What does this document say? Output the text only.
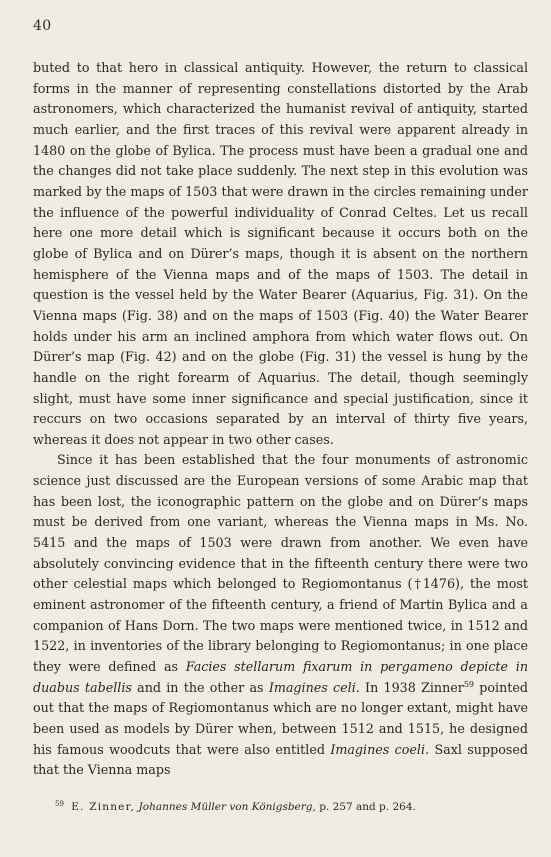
40

buted to that hero in classical antiquity. However, the return to classical forms in the manner of representing constellations distorted by the Arab astronomers, which characterized the humanist revival of antiquity, started much earlier, and the first traces of this revival were apparent already in 1480 on the globe of Bylica. The process must have been a gradual one and the changes did not take place suddenly. The next step in this evolution was marked by the maps of 1503 that were drawn in the circles remaining under the influence of the powerful individuality of Conrad Celtes. Let us recall here one more detail which is significant because it occurs both on the globe of Bylica and on Dürer’s maps, though it is absent on the northern hemisphere of the Vienna maps and of the maps of 1503. The detail in question is the vessel held by the Water Bearer (Aquarius, Fig. 31). On the Vienna maps (Fig. 38) and on the maps of 1503 (Fig. 40) the Water Bearer holds under his arm an inclined amphora from which water flows out. On Dürer’s map (Fig. 42) and on the globe (Fig. 31) the vessel is hung by the handle on the right forearm of Aquarius. The detail, though seemingly slight, must have some inner significance and special justification, since it reccurs on two occasions separated by an interval of thirty five years, whereas it does not appear in two other cases.

Since it has been established that the four monuments of astronomic science just discussed are the European versions of some Arabic map that has been lost, the iconographic pattern on the globe and on Dürer’s maps must be derived from one variant, whereas the Vienna maps in Ms. No. 5415 and the maps of 1503 were drawn from another. We even have absolutely convincing evidence that in the fifteenth century there were two other celestial maps which belonged to Regiomontanus (†1476), the most eminent astronomer of the fifteenth century, a friend of Martin Bylica and a companion of Hans Dorn. The two maps were mentioned twice, in 1512 and 1522, in inventories of the library belonging to Regiomontanus; in one place they were defined as Facies stellarum fixarum in pergameno depicte in duabus tabellis and in the other as Imagines celi. In 1938 Zinner$^{59}$ pointed out that the maps of Regiomontanus which are no longer extant, might have been used as models by Dürer when, between 1512 and 1515, he designed his famous woodcuts that were also entitled Imagines coeli. Saxl supposed that the Vienna maps

$^{59}$ E. Zinner, Johannes Müller von Königsberg, p. 257 and p. 264.
